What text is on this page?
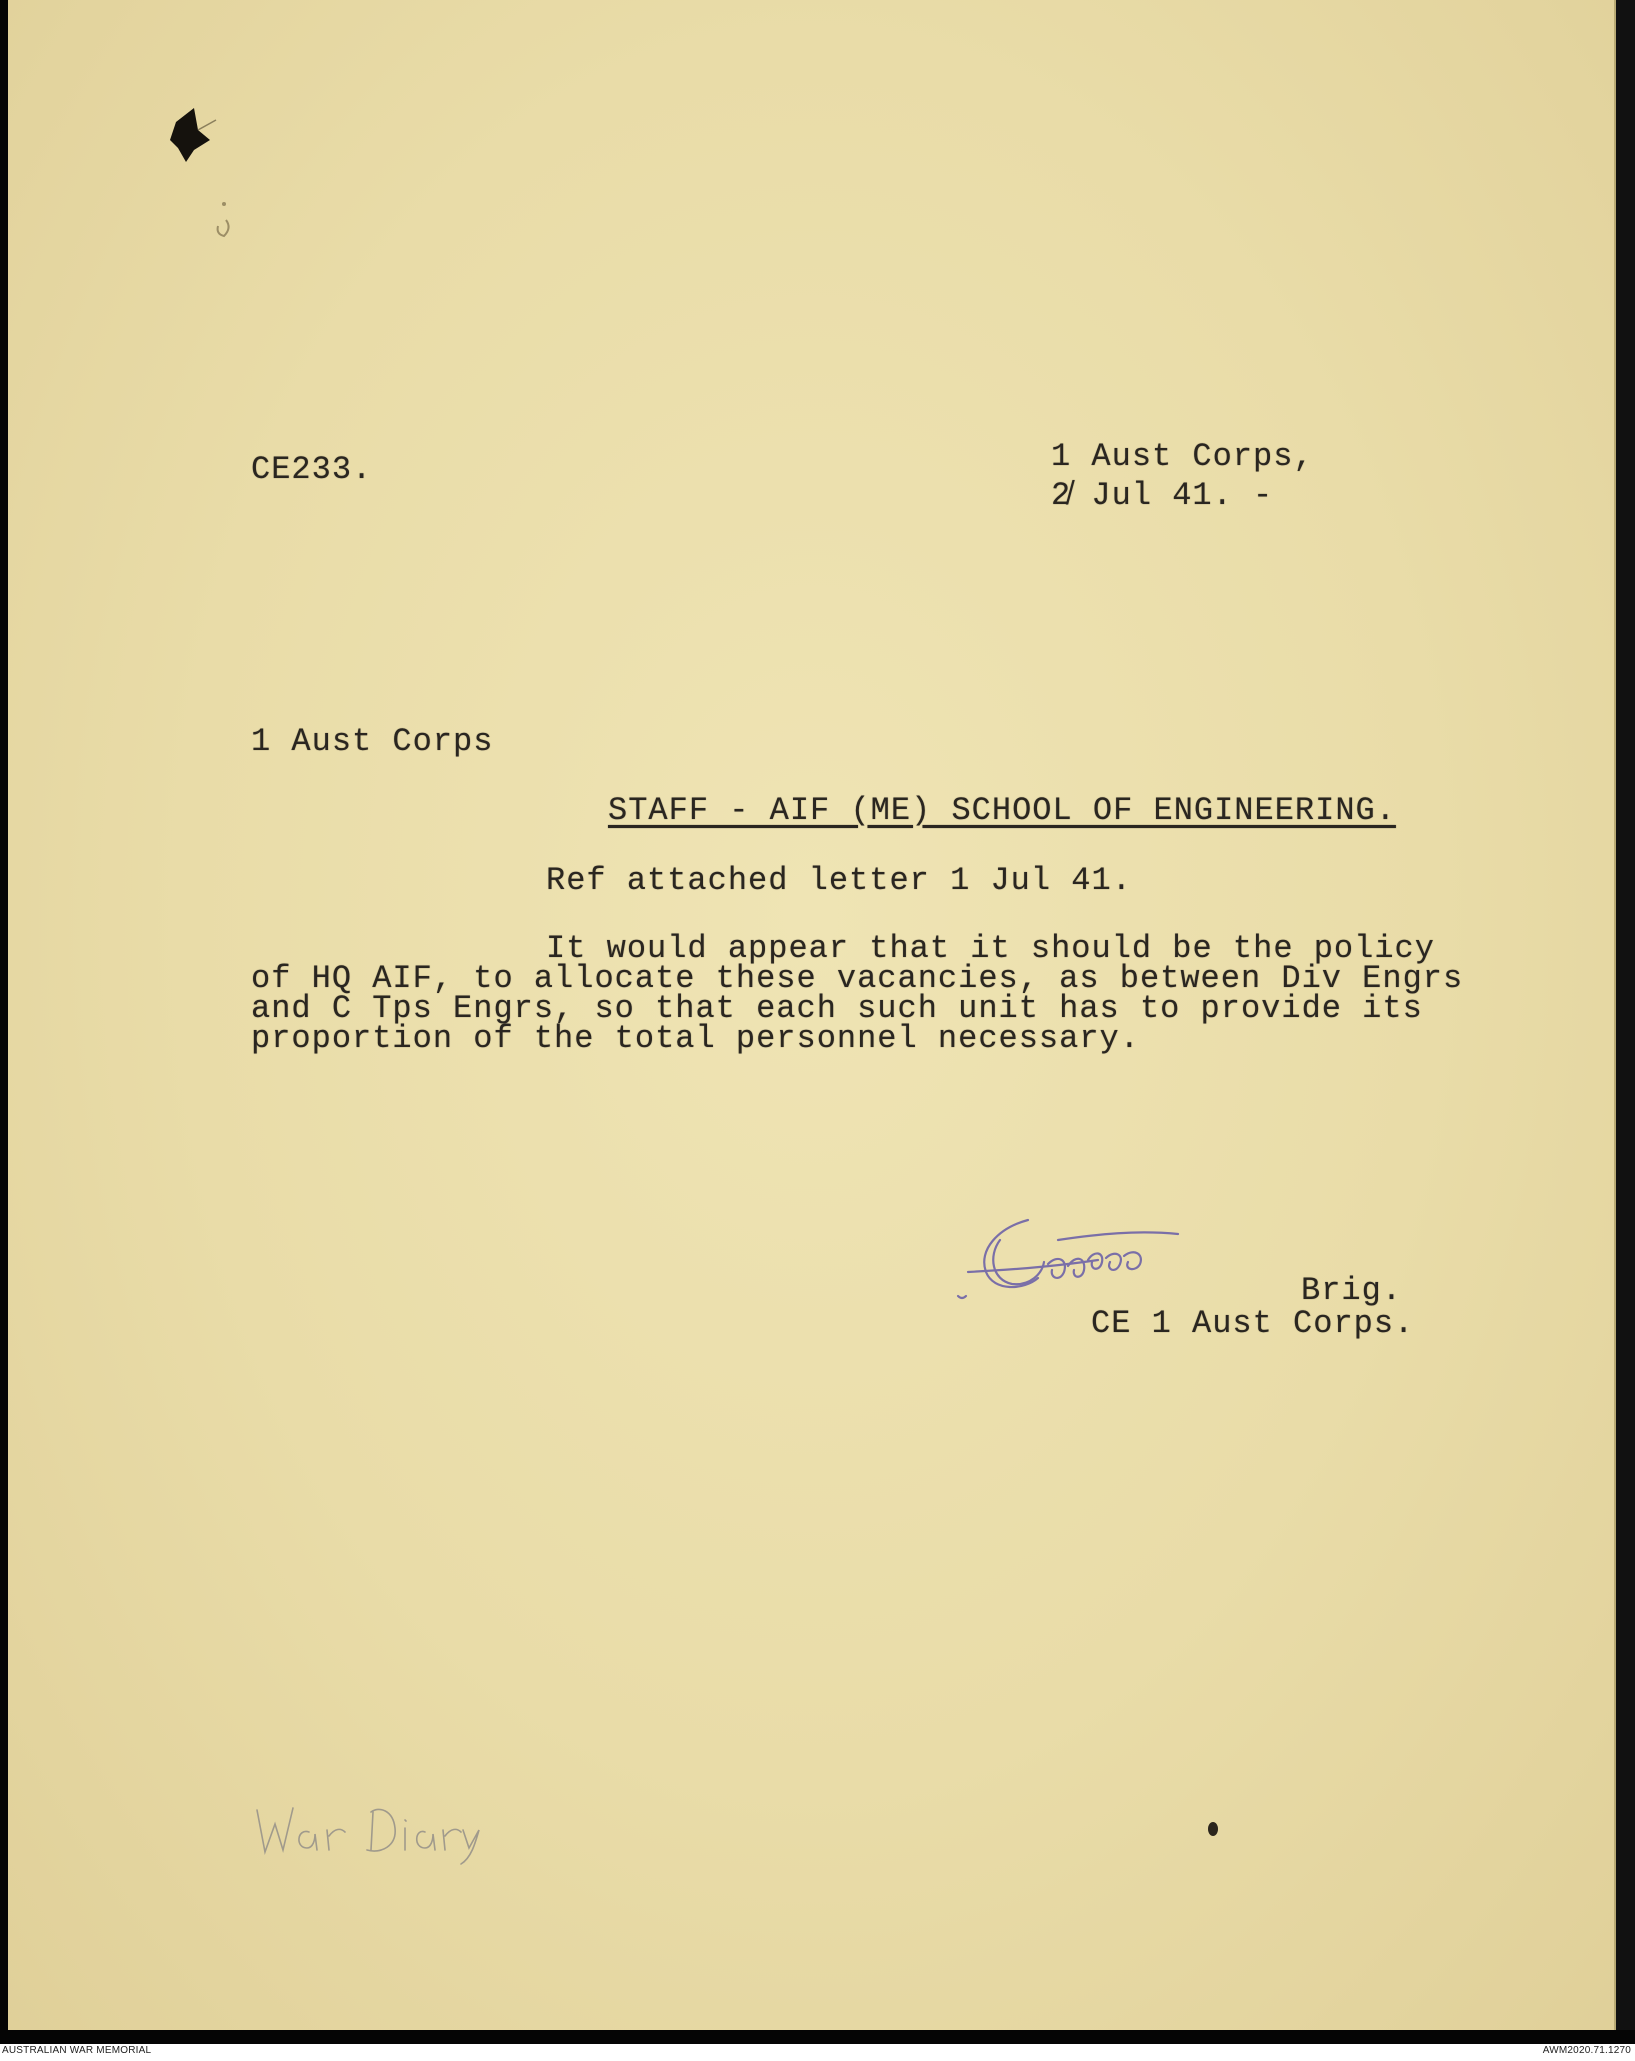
CE233.	1 Aust Corps,
2̸ Jul 41. -
1 Aust Corps
STAFF - AIF (ME) SCHOOL OF ENGINEERING.
Ref attached letter 1 Jul 41.
It would appear that it should be the policy
of HQ AIF, to allocate these vacancies, as between Div Engrs
and C Tps Engrs, so that each such unit has to provide its
proportion of the total personnel necessary.
Brig.
CE 1 Aust Corps.
AUSTRALIAN WAR MEMORIAL	AWM2020.71.1270
